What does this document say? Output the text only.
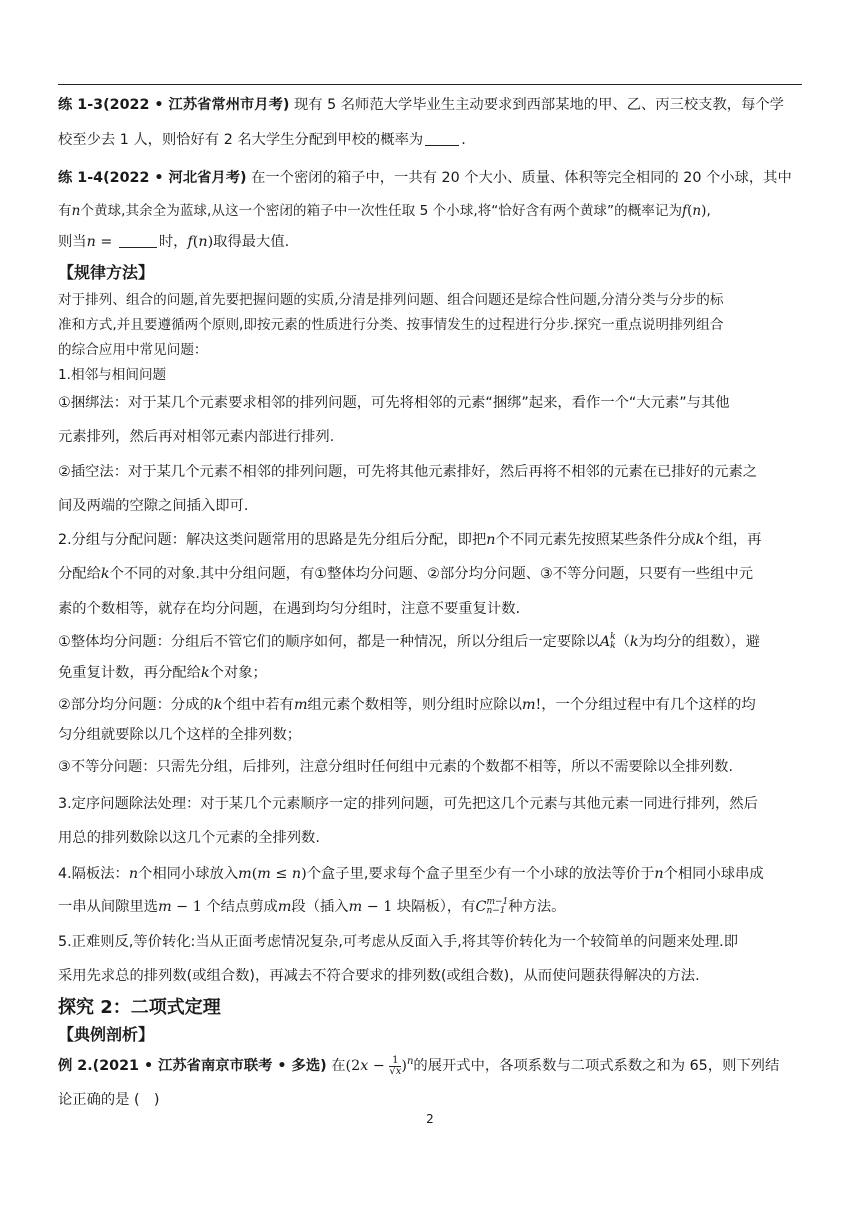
练 1-3(2022 • 江苏省常州市月考) 现有 5 名师范大学毕业生主动要求到西部某地的甲、乙、丙三校支教，每个学
校至少去 1 人，则恰好有 2 名大学生分配到甲校的概率为	.
练 1-4(2022 • 河北省月考) 在一个密闭的箱子中，一共有 20 个大小、质量、体积等完全相同的 20 个小球，其中
有n个黄球,其余全为蓝球,从这一个密闭的箱子中一次性任取 5 个小球,将“恰好含有两个黄球”的概率记为f(n),
则当n =	时，f(n)取得最大值.
【规律方法】
对于排列、组合的问题,首先要把握问题的实质,分清是排列问题、组合问题还是综合性问题,分清分类与分步的标
准和方式,并且要遵循两个原则,即按元素的性质进行分类、按事情发生的过程进行分步.探究一重点说明排列组合
的综合应用中常见问题：
1.相邻与相间问题
①捆绑法：对于某几个元素要求相邻的排列问题，可先将相邻的元素“捆绑”起来，看作一个“大元素”与其他
元素排列，然后再对相邻元素内部进行排列.
②插空法：对于某几个元素不相邻的排列问题，可先将其他元素排好，然后再将不相邻的元素在已排好的元素之
间及两端的空隙之间插入即可.
2.分组与分配问题：解决这类问题常用的思路是先分组后分配，即把n个不同元素先按照某些条件分成k个组，再
分配给k个不同的对象.其中分组问题，有①整体均分问题、②部分均分问题、③不等分问题，只要有一些组中元
素的个数相等，就存在均分问题，在遇到均匀分组时，注意不要重复计数.
①整体均分问题：分组后不管它们的顺序如何，都是一种情况，所以分组后一定要除以A k
k （k为均分的组数），避
免重复计数，再分配给k个对象；
②部分均分问题：分成的k个组中若有m组元素个数相等，则分组时应除以m!，一个分组过程中有几个这样的均
匀分组就要除以几个这样的全排列数；
③不等分问题：只需先分组，后排列，注意分组时任何组中元素的个数都不相等，所以不需要除以全排列数.
3.定序问题除法处理：对于某几个元素顺序一定的排列问题，可先把这几个元素与其他元素一同进行排列，然后
用总的排列数除以这几个元素的全排列数.
4.隔板法：n个相同小球放入m(m ≤ n)个盒子里,要求每个盒子里至少有一个小球的放法等价于n个相同小球串成
一串从间隙里选m − 1 个结点剪成m段（插入m − 1 块隔板），有C m−1
n−1 种方法。
5.正难则反,等价转化:当从正面考虑情况复杂,可考虑从反面入手,将其等价转化为一个较简单的问题来处理.即
采用先求总的排列数(或组合数)，再减去不符合要求的排列数(或组合数)，从而使问题获得解决的方法.
探究 2：二项式定理
【典例剖析】
例 2.(2021 • 江苏省南京市联考 • 多选) 在$(2x - \frac{1}{√x} )^n$的展开式中，各项系数与二项式系数之和为 65，则下列结
论正确的是 (　)
2
